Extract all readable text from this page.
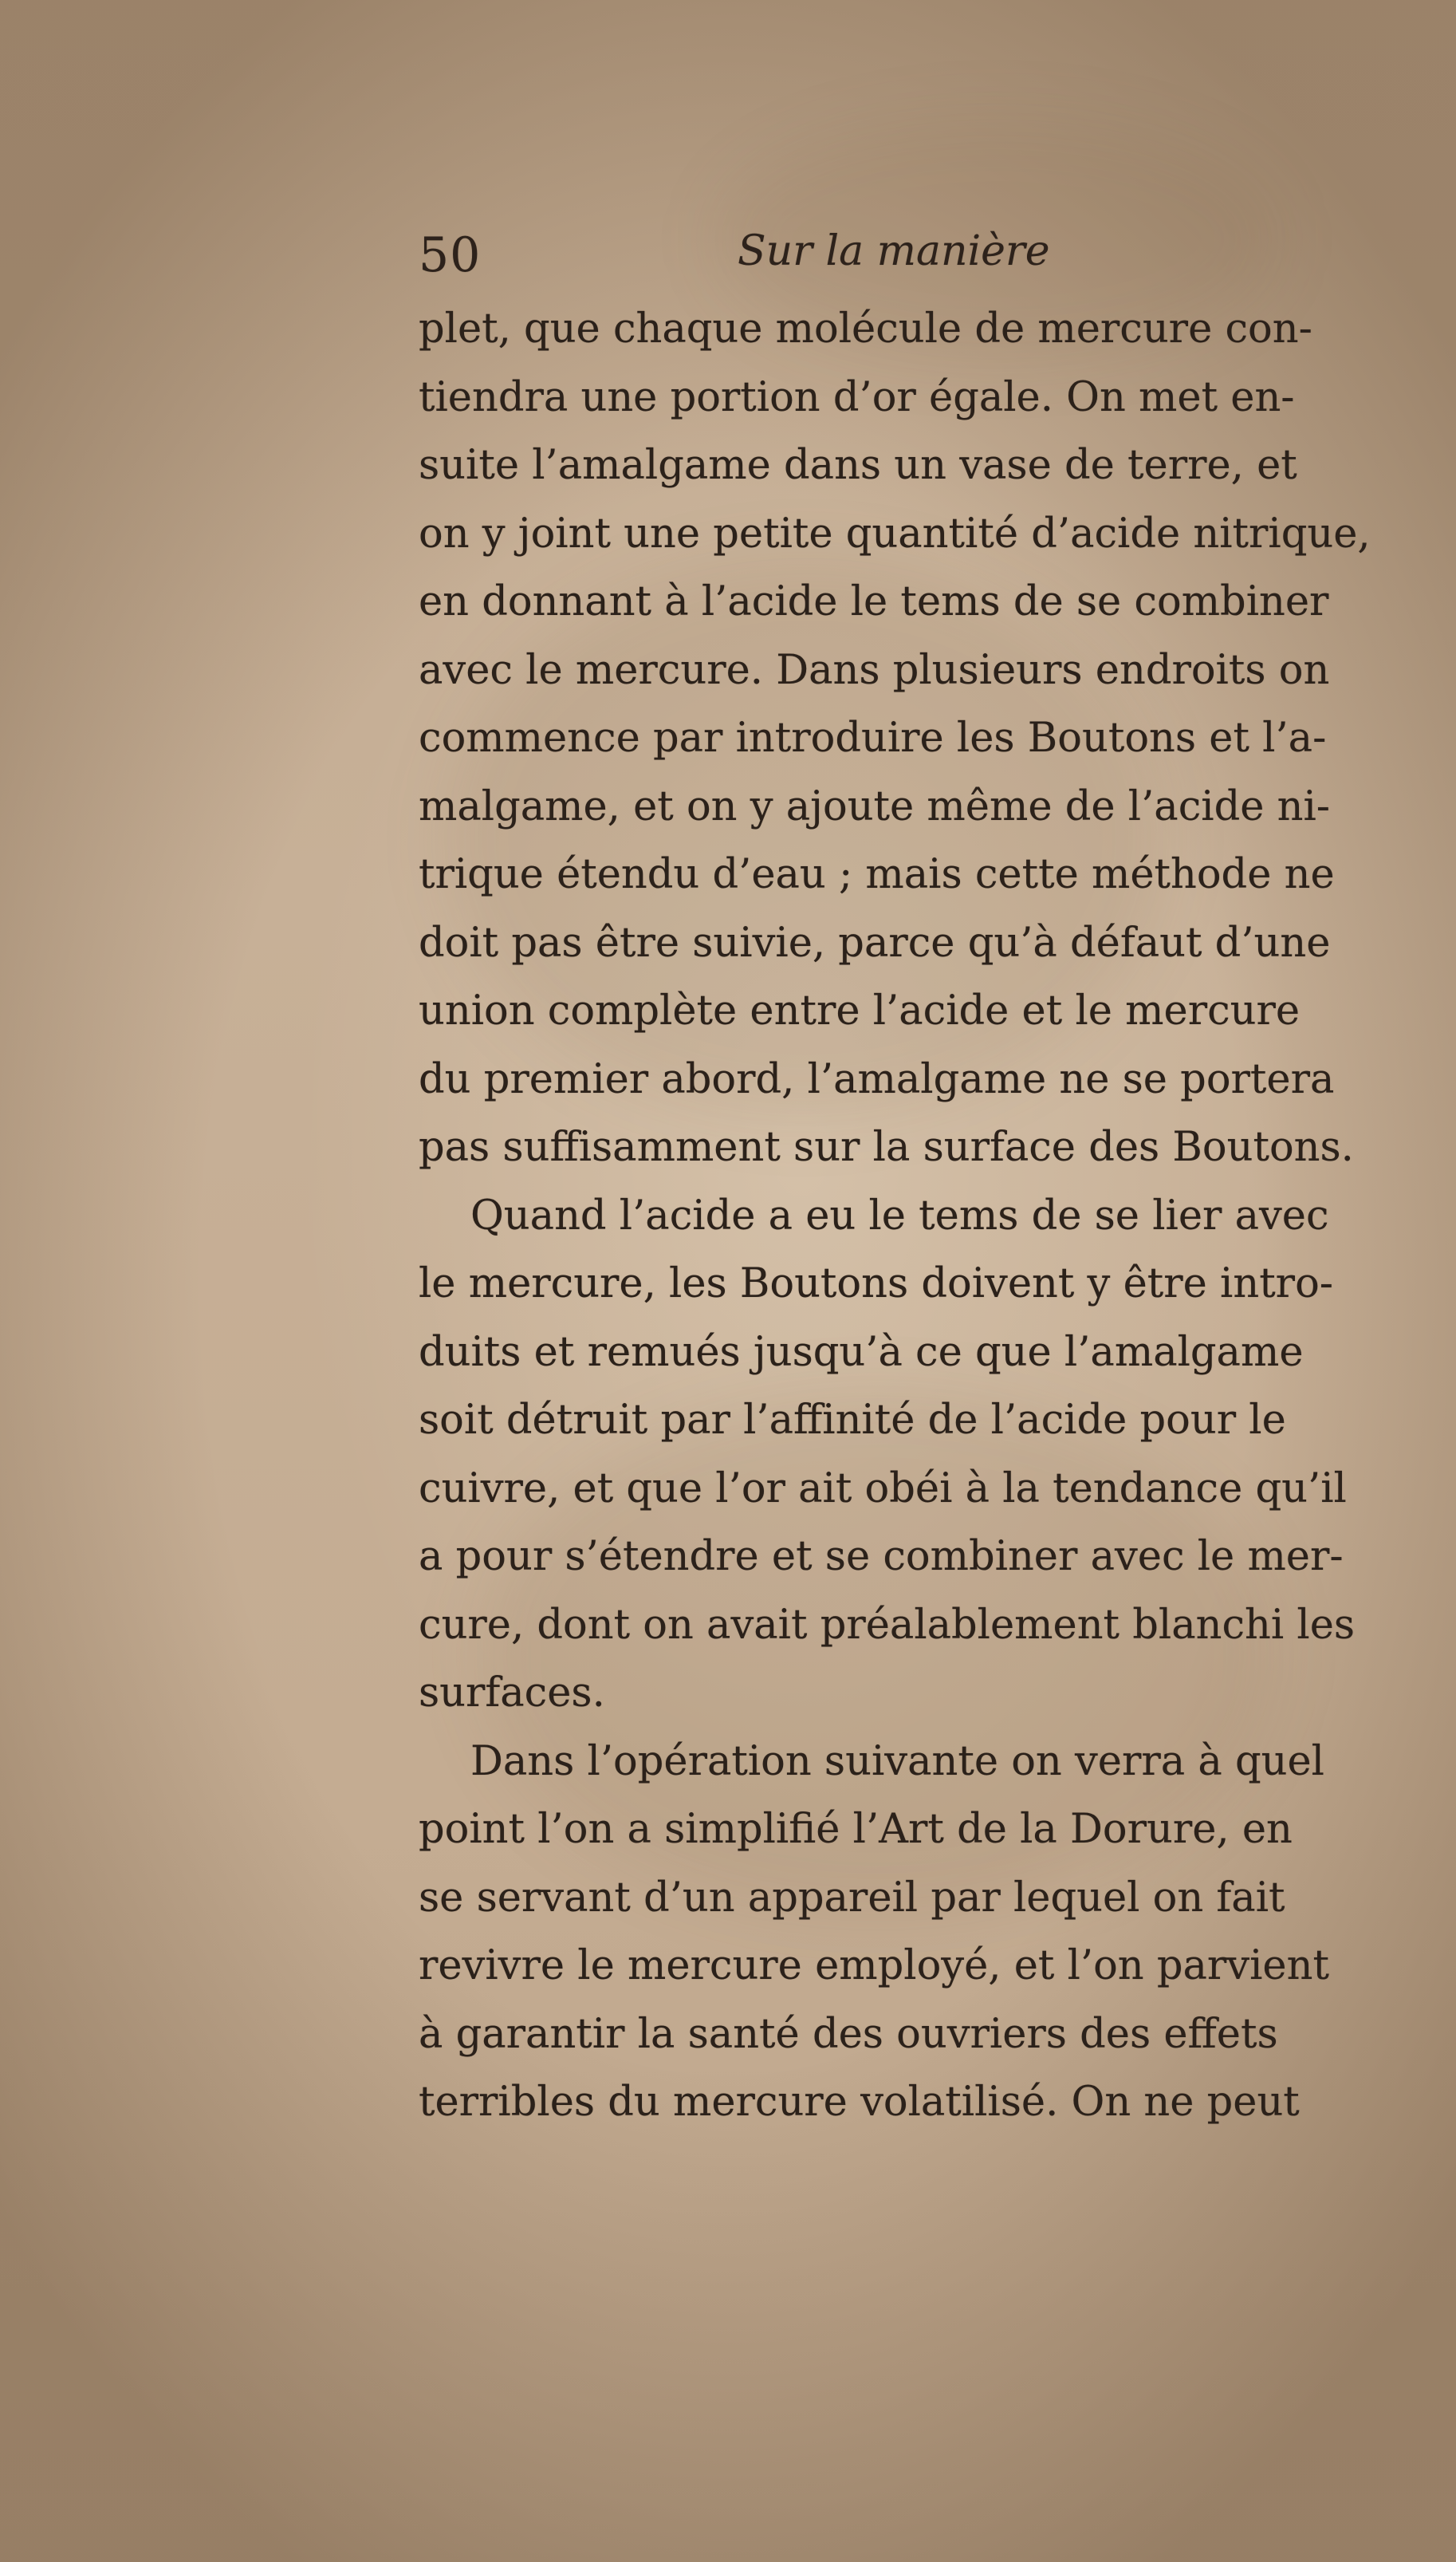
50	Sur la manière
plet, que chaque molécule de mercure con-
tiendra une portion d’or égale. On met en-
suite l’amalgame dans un vase de terre, et
on y joint une petite quantité d’acide nitrique,
en donnant à l’acide le tems de se combiner
avec le mercure. Dans plusieurs endroits on
commence par introduire les Boutons et l’a-
malgame, et on y ajoute même de l’acide ni-
trique étendu d’eau ; mais cette méthode ne
doit pas être suivie, parce qu’à défaut d’une
union complète entre l’acide et le mercure
du premier abord, l’amalgame ne se portera
pas suffisamment sur la surface des Boutons.
Quand l’acide a eu le tems de se lier avec
le mercure, les Boutons doivent y être intro-
duits et remués jusqu’à ce que l’amalgame
soit détruit par l’affinité de l’acide pour le
cuivre, et que l’or ait obéi à la tendance qu’il
a pour s’étendre et se combiner avec le mer-
cure, dont on avait préalablement blanchi les
surfaces.
Dans l’opération suivante on verra à quel
point l’on a simplifié l’Art de la Dorure, en
se servant d’un appareil par lequel on fait
revivre le mercure employé, et l’on parvient
à garantir la santé des ouvriers des effets
terribles du mercure volatilisé. On ne peut
